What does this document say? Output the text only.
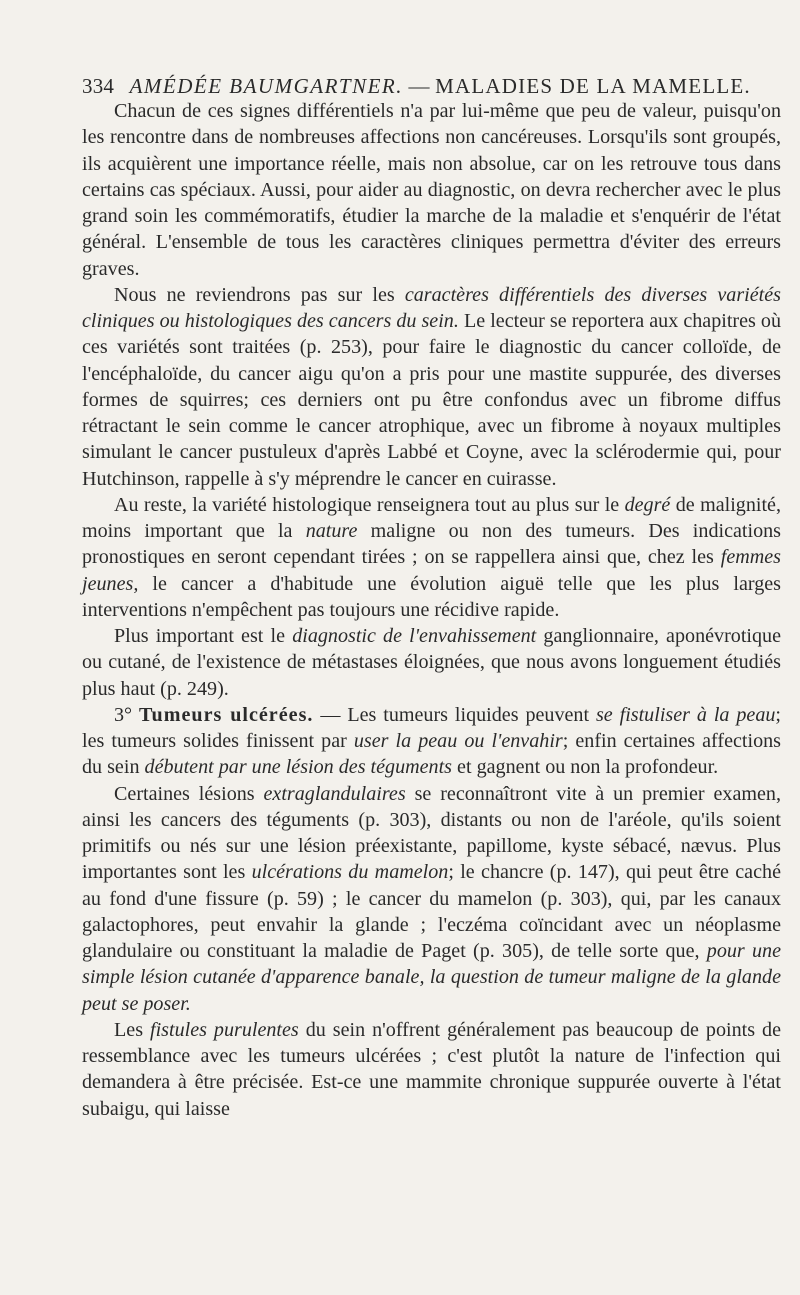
334 AMÉDÉE BAUMGARTNER. — MALADIES DE LA MAMELLE.

Chacun de ces signes différentiels n'a par lui-même que peu de valeur, puisqu'on les rencontre dans de nombreuses affections non cancéreuses. Lorsqu'ils sont groupés, ils acquièrent une importance réelle, mais non absolue, car on les retrouve tous dans certains cas spéciaux. Aussi, pour aider au diagnostic, on devra rechercher avec le plus grand soin les commémoratifs, étudier la marche de la maladie et s'enquérir de l'état général. L'ensemble de tous les caractères cliniques permettra d'éviter des erreurs graves.

Nous ne reviendrons pas sur les caractères différentiels des diverses variétés cliniques ou histologiques des cancers du sein. Le lecteur se reportera aux chapitres où ces variétés sont traitées (p. 253), pour faire le diagnostic du cancer colloïde, de l'encéphaloïde, du cancer aigu qu'on a pris pour une mastite suppurée, des diverses formes de squirres; ces derniers ont pu être confondus avec un fibrome diffus rétractant le sein comme le cancer atrophique, avec un fibrome à noyaux multiples simulant le cancer pustuleux d'après Labbé et Coyne, avec la sclérodermie qui, pour Hutchinson, rappelle à s'y méprendre le cancer en cuirasse.

Au reste, la variété histologique renseignera tout au plus sur le degré de malignité, moins important que la nature maligne ou non des tumeurs. Des indications pronostiques en seront cependant tirées ; on se rappellera ainsi que, chez les femmes jeunes, le cancer a d'habitude une évolution aiguë telle que les plus larges interventions n'empêchent pas toujours une récidive rapide.

Plus important est le diagnostic de l'envahissement ganglionnaire, aponévrotique ou cutané, de l'existence de métastases éloignées, que nous avons longuement étudiés plus haut (p. 249).

3° Tumeurs ulcérées. — Les tumeurs liquides peuvent se fistuliser à la peau; les tumeurs solides finissent par user la peau ou l'envahir; enfin certaines affections du sein débutent par une lésion des téguments et gagnent ou non la profondeur.

Certaines lésions extraglandulaires se reconnaîtront vite à un premier examen, ainsi les cancers des téguments (p. 303), distants ou non de l'aréole, qu'ils soient primitifs ou nés sur une lésion préexistante, papillome, kyste sébacé, nævus. Plus importantes sont les ulcérations du mamelon; le chancre (p. 147), qui peut être caché au fond d'une fissure (p. 59) ; le cancer du mamelon (p. 303), qui, par les canaux galactophores, peut envahir la glande ; l'eczéma coïncidant avec un néoplasme glandulaire ou constituant la maladie de Paget (p. 305), de telle sorte que, pour une simple lésion cutanée d'apparence banale, la question de tumeur maligne de la glande peut se poser.

Les fistules purulentes du sein n'offrent généralement pas beaucoup de points de ressemblance avec les tumeurs ulcérées ; c'est plutôt la nature de l'infection qui demandera à être précisée. Est-ce une mammite chronique suppurée ouverte à l'état subaigu, qui laisse
